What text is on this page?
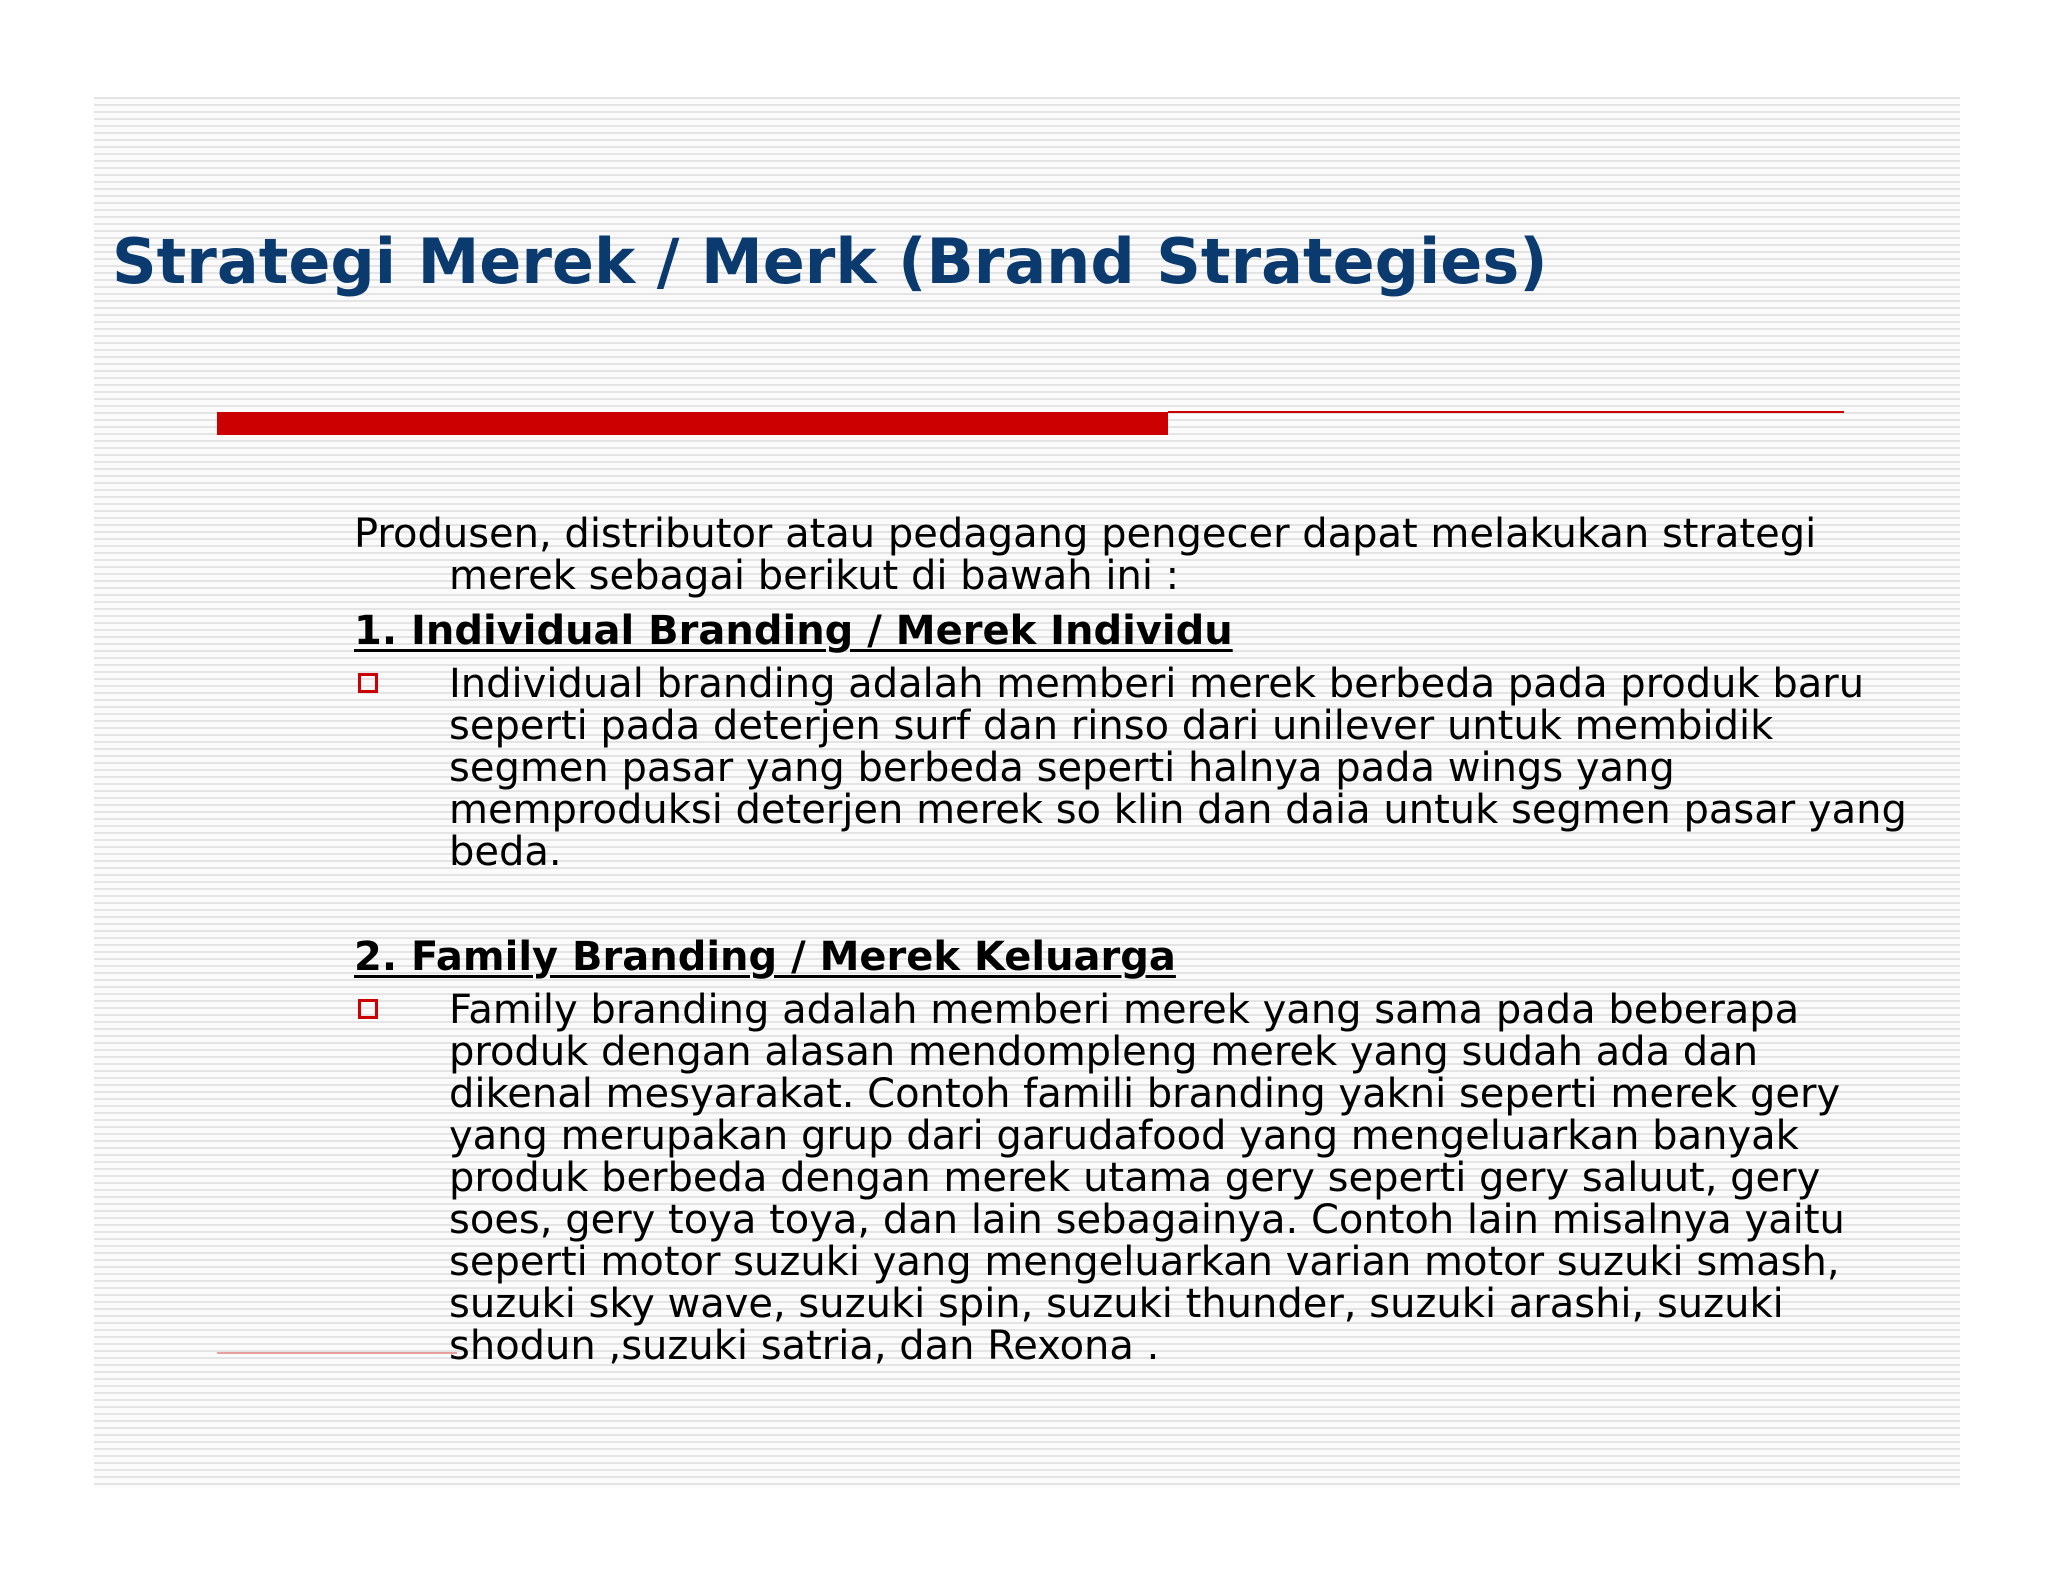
Strategi Merek / Merk (Brand Strategies)

Produsen, distributor atau pedagang pengecer dapat melakukan strategi merek sebagai berikut di bawah ini :

1. Individual Branding / Merek Individu

Individual branding adalah memberi merek berbeda pada produk baru seperti pada deterjen surf dan rinso dari unilever untuk membidik segmen pasar yang berbeda seperti halnya pada wings yang memproduksi deterjen merek so klin dan daia untuk segmen pasar yang beda.

2. Family Branding / Merek Keluarga

Family branding adalah memberi merek yang sama pada beberapa produk dengan alasan mendompleng merek yang sudah ada dan dikenal mesyarakat. Contoh famili branding yakni seperti merek gery yang merupakan grup dari garudafood yang mengeluarkan banyak produk berbeda dengan merek utama gery seperti gery saluut, gery soes, gery toya toya, dan lain sebagainya. Contoh lain misalnya yaitu seperti motor suzuki yang mengeluarkan varian motor suzuki smash, suzuki sky wave, suzuki spin, suzuki thunder, suzuki arashi, suzuki shodun ,suzuki satria, dan Rexona .
